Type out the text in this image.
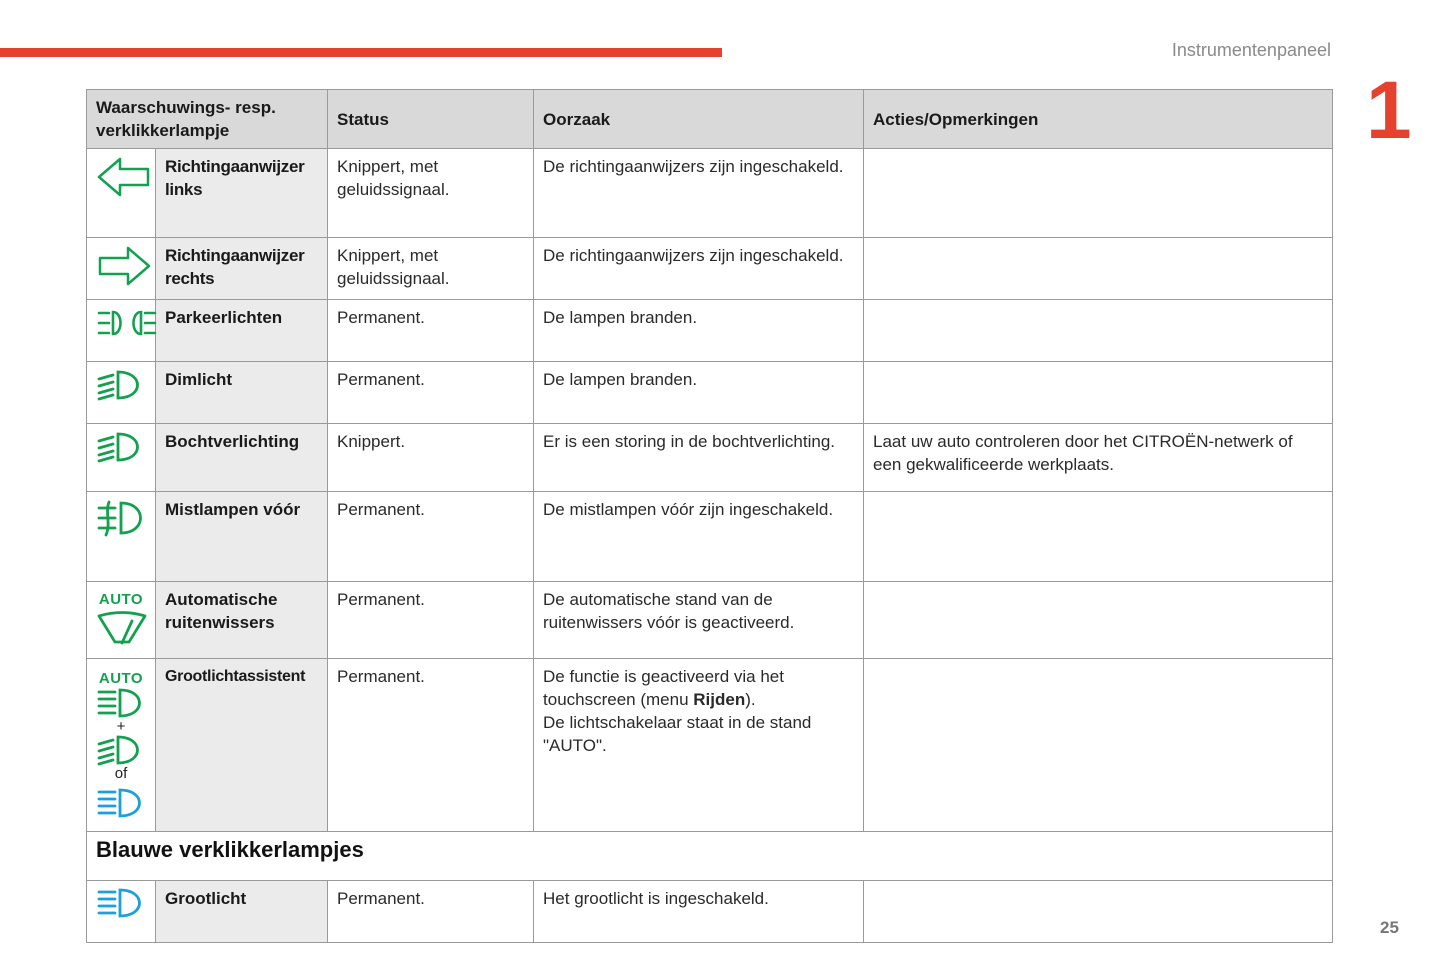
Instrumentenpaneel
1
25
Waarschuwings- resp. verklikkerlampje		Status	Oorzaak	Acties/Opmerkingen

	Richtingaanwijzer links	Knippert, met geluidssignaal.	De richtingaanwijzers zijn ingeschakeld.	

	Richtingaanwijzer rechts	Knippert, met geluidssignaal.	De richtingaanwijzers zijn ingeschakeld.	

	Parkeerlichten	Permanent.	De lampen branden.	

	Dimlicht	Permanent.	De lampen branden.	

	Bochtverlichting	Knippert.	Er is een storing in de bochtverlichting.	Laat uw auto controleren door het CITROËN-netwerk of een gekwalificeerde werkplaats.

	Mistlampen vóór	Permanent.	De mistlampen vóór zijn ingeschakeld.	

AUTO	Automatische ruitenwissers	Permanent.	De automatische stand van de ruitenwissers vóór is geactiveerd.	

AUTO
+
of	Grootlichtassistent	Permanent.	De functie is geactiveerd via het touchscreen (menu Rijden).
De lichtschakelaar staat in de stand "AUTO".	
Blauwe verklikkerlampjes				

	Grootlicht	Permanent.	Het grootlicht is ingeschakeld.	
